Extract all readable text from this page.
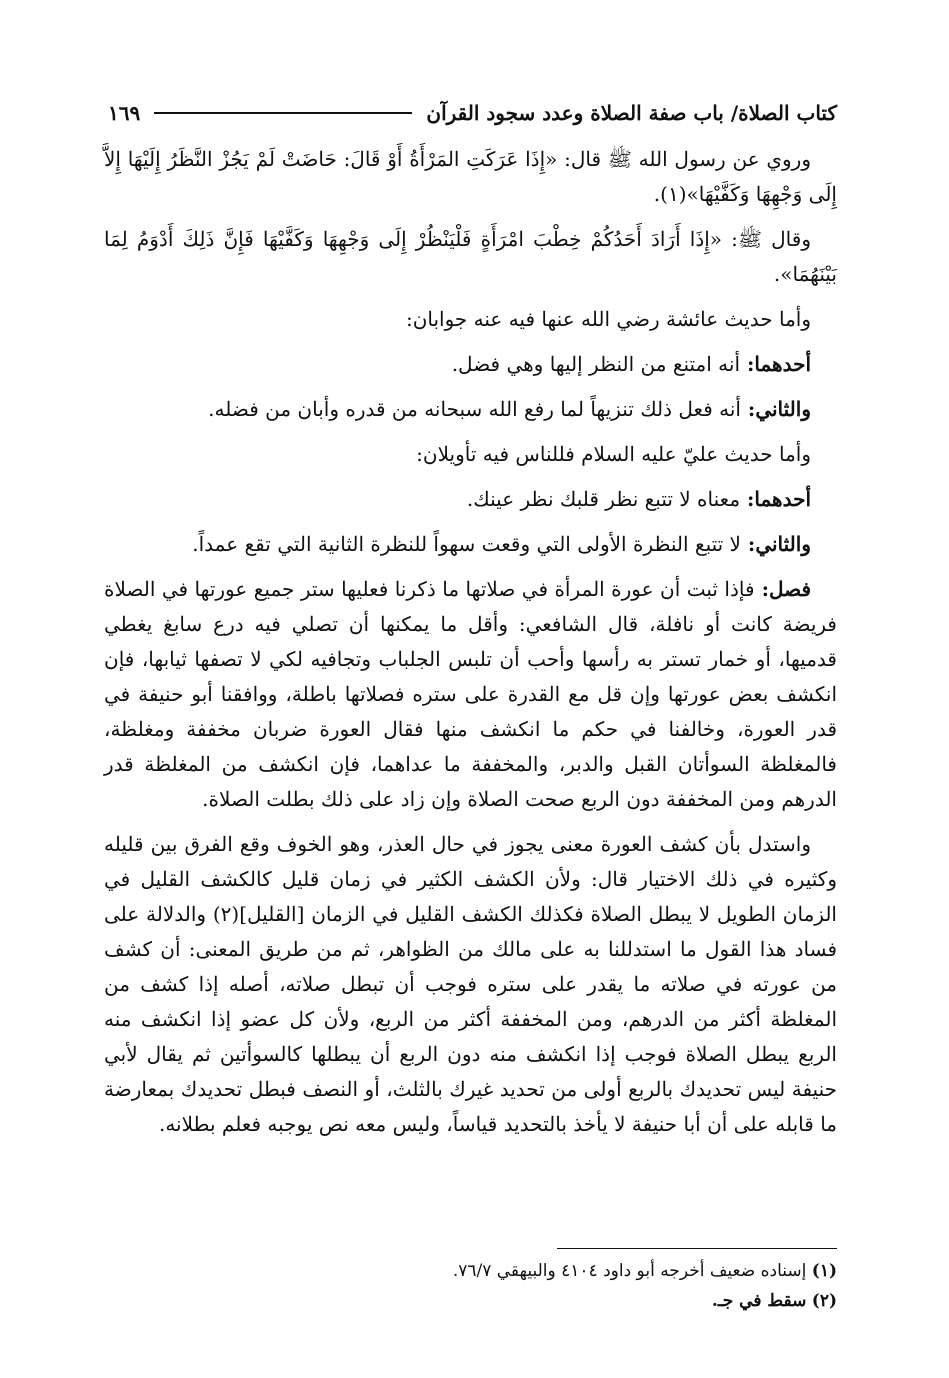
كتاب الصلاة/ باب صفة الصلاة وعدد سجود القرآن
١٦٩

وروي عن رسول الله ﷺ قال: «إِذَا عَرَكَتِ المَرْأَةُ أَوْ قَالَ: حَاضَتْ لَمْ يَجُزْ النَّظَرُ إِلَيْهَا إِلاَّ إِلَى وَجْهِهَا وَكَفَّيْهَا»(١).

وقال ﷺ: «إِذَا أَرَادَ أَحَدُكُمْ خِطْبَ امْرَأَةٍ فَلْيَنْظُرْ إِلَى وَجْهِهَا وَكَفَّيْهَا فَإِنَّ ذَلِكَ أَدْوَمُ لِمَا بَيْنَهُمَا».

وأما حديث عائشة رضي الله عنها فيه عنه جوابان:

أحدهما: أنه امتنع من النظر إليها وهي فضل.

والثاني: أنه فعل ذلك تنزيهاً لما رفع الله سبحانه من قدره وأبان من فضله.

وأما حديث عليّ عليه السلام فللناس فيه تأويلان:

أحدهما: معناه لا تتبع نظر قلبك نظر عينك.

والثاني: لا تتبع النظرة الأولى التي وقعت سهواً للنظرة الثانية التي تقع عمداً.

فصل: فإذا ثبت أن عورة المرأة في صلاتها ما ذكرنا فعليها ستر جميع عورتها في الصلاة فريضة كانت أو نافلة، قال الشافعي: وأقل ما يمكنها أن تصلي فيه درع سابغ يغطي قدميها، أو خمار تستر به رأسها وأحب أن تلبس الجلباب وتجافيه لكي لا تصفها ثيابها، فإن انكشف بعض عورتها وإن قل مع القدرة على ستره فصلاتها باطلة، ووافقنا أبو حنيفة في قدر العورة، وخالفنا في حكم ما انكشف منها فقال العورة ضربان مخففة ومغلظة، فالمغلظة السوأتان القبل والدبر، والمخففة ما عداهما، فإن انكشف من المغلظة قدر الدرهم ومن المخففة دون الربع صحت الصلاة وإن زاد على ذلك بطلت الصلاة.

واستدل بأن كشف العورة معنى يجوز في حال العذر، وهو الخوف وقع الفرق بين قليله وكثيره في ذلك الاختيار قال: ولأن الكشف الكثير في زمان قليل كالكشف القليل في الزمان الطويل لا يبطل الصلاة فكذلك الكشف القليل في الزمان [القليل](٢) والدلالة على فساد هذا القول ما استدللنا به على مالك من الظواهر، ثم من طريق المعنى: أن كشف من عورته في صلاته ما يقدر على ستره فوجب أن تبطل صلاته، أصله إذا كشف من المغلظة أكثر من الدرهم، ومن المخففة أكثر من الربع، ولأن كل عضو إذا انكشف منه الربع يبطل الصلاة فوجب إذا انكشف منه دون الربع أن يبطلها كالسوأتين ثم يقال لأبي حنيفة ليس تحديدك بالربع أولى من تحديد غيرك بالثلث، أو النصف فبطل تحديدك بمعارضة ما قابله على أن أبا حنيفة لا يأخذ بالتحديد قياساً، وليس معه نص يوجبه فعلم بطلانه.

(١) إسناده ضعيف أخرجه أبو داود ٤١٠٤ والبيهقي ٧٦/٧.

(٢) سقط في جـ.
